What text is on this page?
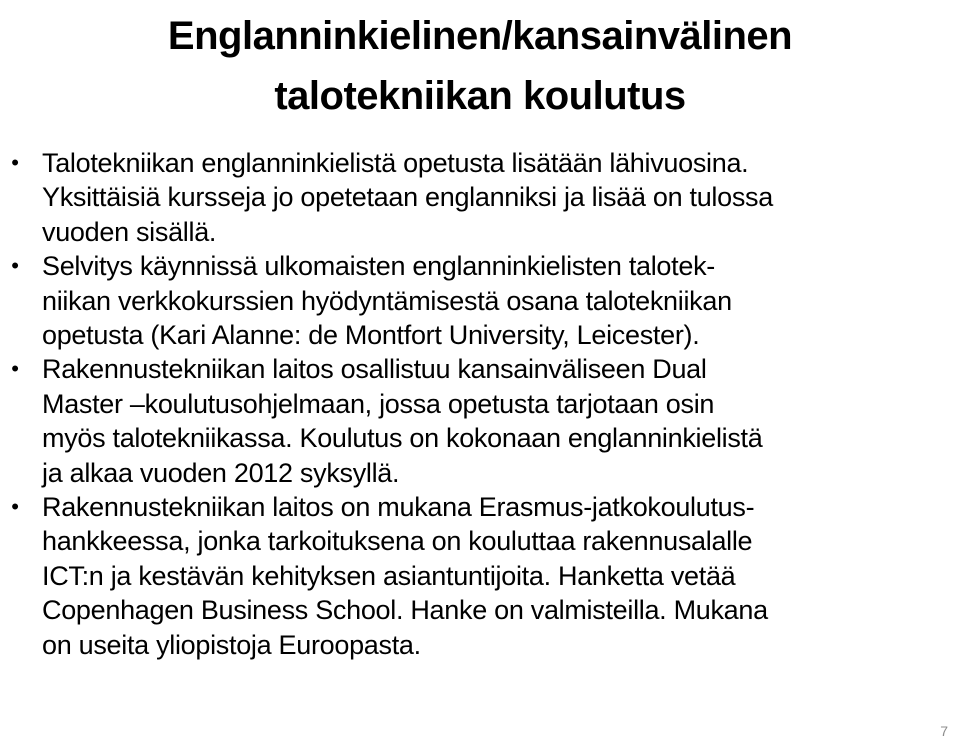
Englanninkielinen/kansainvälinen
talotekniikan koulutus
• Talotekniikan englanninkielistä opetusta lisätään lähivuosina.
Yksittäisiä kursseja jo opetetaan englanniksi ja lisää on tulossa
vuoden sisällä.
• Selvitys käynnissä ulkomaisten englanninkielisten talotek-
niikan verkkokurssien hyödyntämisestä osana talotekniikan
opetusta (Kari Alanne: de Montfort University, Leicester).
• Rakennustekniikan laitos osallistuu kansainväliseen Dual
Master –koulutusohjelmaan, jossa opetusta tarjotaan osin
myös talotekniikassa. Koulutus on kokonaan englanninkielistä
ja alkaa vuoden 2012 syksyllä.
• Rakennustekniikan laitos on mukana Erasmus-jatkokoulutus-
hankkeessa, jonka tarkoituksena on kouluttaa rakennusalalle
ICT:n ja kestävän kehityksen asiantuntijoita. Hanketta vetää
Copenhagen Business School. Hanke on valmisteilla. Mukana
on useita yliopistoja Euroopasta.
7
